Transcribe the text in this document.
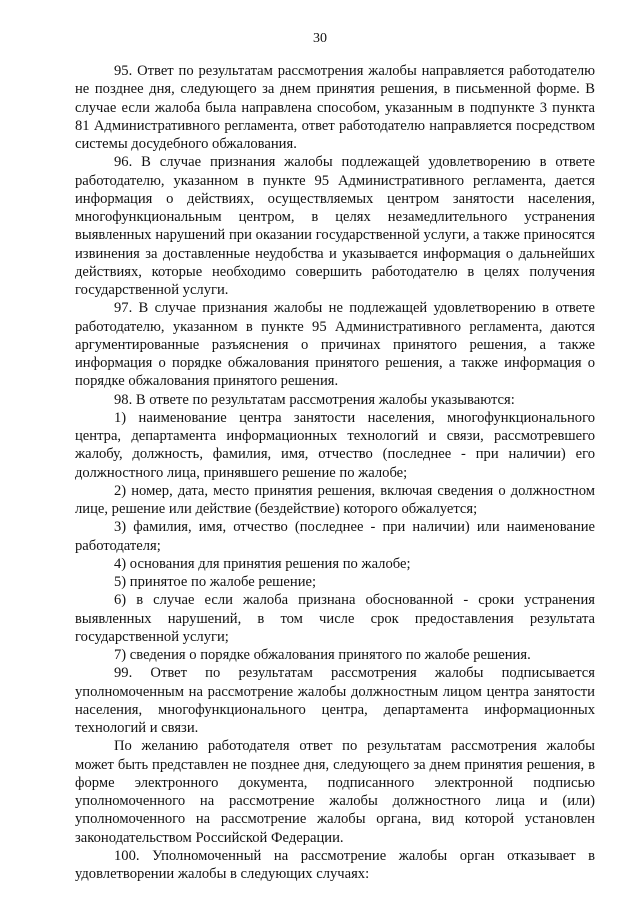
30

95. Ответ по результатам рассмотрения жалобы направляется работодателю не позднее дня, следующего за днем принятия решения, в письменной форме. В случае если жалоба была направлена способом, указанным в подпункте 3 пункта 81 Административного регламента, ответ работодателю направляется посредством системы досудебного обжалования.

96. В случае признания жалобы подлежащей удовлетворению в ответе работодателю, указанном в пункте 95 Административного регламента, дается информация о действиях, осуществляемых центром занятости населения, многофункциональным центром, в целях незамедлительного устранения выявленных нарушений при оказании государственной услуги, а также приносятся извинения за доставленные неудобства и указывается информация о дальнейших действиях, которые необходимо совершить работодателю в целях получения государственной услуги.

97. В случае признания жалобы не подлежащей удовлетворению в ответе работодателю, указанном в пункте 95 Административного регламента, даются аргументированные разъяснения о причинах принятого решения, а также информация о порядке обжалования принятого решения, а также информация о порядке обжалования принятого решения.

98. В ответе по результатам рассмотрения жалобы указываются:

1) наименование центра занятости населения, многофункционального центра, департамента информационных технологий и связи, рассмотревшего жалобу, должность, фамилия, имя, отчество (последнее - при наличии) его должностного лица, принявшего решение по жалобе;

2) номер, дата, место принятия решения, включая сведения о должностном лице, решение или действие (бездействие) которого обжалуется;

3) фамилия, имя, отчество (последнее - при наличии) или наименование работодателя;

4) основания для принятия решения по жалобе;

5) принятое по жалобе решение;

6) в случае если жалоба признана обоснованной - сроки устранения выявленных нарушений, в том числе срок предоставления результата государственной услуги;

7) сведения о порядке обжалования принятого по жалобе решения.

99. Ответ по результатам рассмотрения жалобы подписывается уполномоченным на рассмотрение жалобы должностным лицом центра занятости населения, многофункционального центра, департамента информационных технологий и связи.

По желанию работодателя ответ по результатам рассмотрения жалобы может быть представлен не позднее дня, следующего за днем принятия решения, в форме электронного документа, подписанного электронной подписью уполномоченного на рассмотрение жалобы должностного лица и (или) уполномоченного на рассмотрение жалобы органа, вид которой установлен законодательством Российской Федерации.

100. Уполномоченный на рассмотрение жалобы орган отказывает в удовлетворении жалобы в следующих случаях:
